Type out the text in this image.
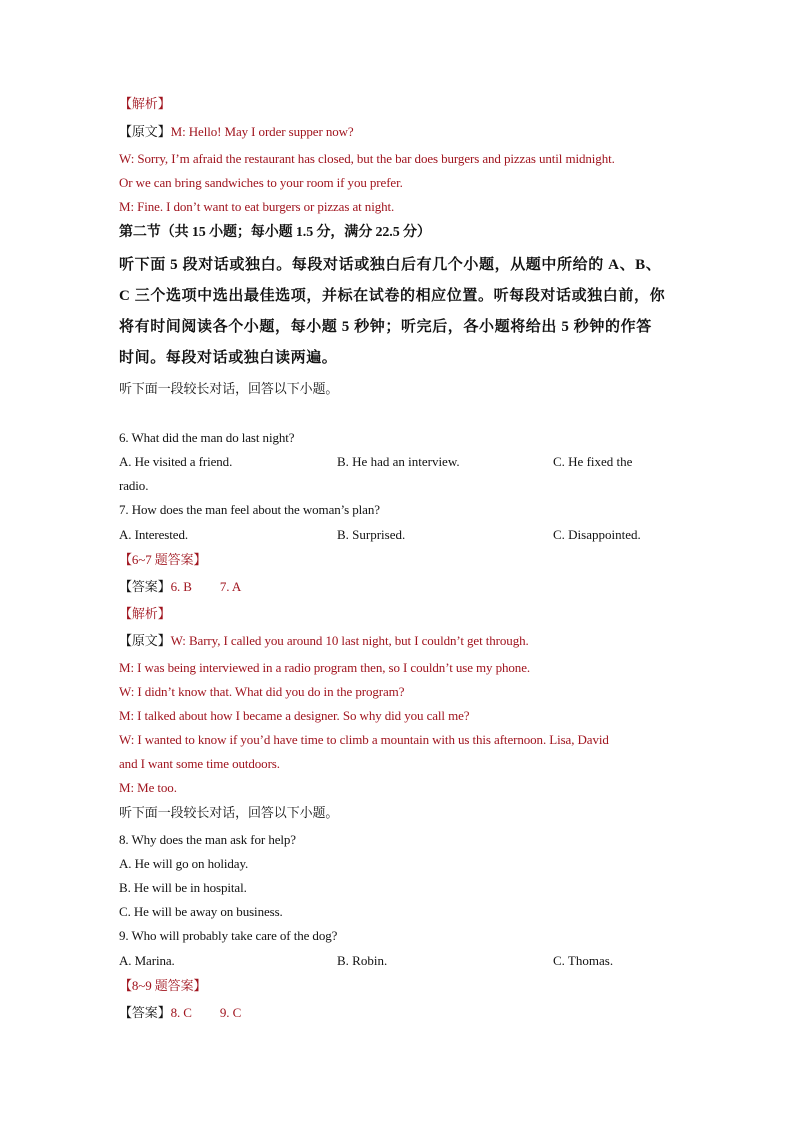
【解析】
【原文】M: Hello! May I order supper now?
W: Sorry, I’m afraid the restaurant has closed, but the bar does burgers and pizzas until midnight.
Or we can bring sandwiches to your room if you prefer.
M: Fine. I don’t want to eat burgers or pizzas at night.
第二节（共 15 小题；每小题 1.5 分，满分 22.5 分）
听下面 5 段对话或独白。每段对话或独白后有几个小题，从题中所给的 A、B、
C 三个选项中选出最佳选项，并标在试卷的相应位置。听每段对话或独白前，你
将有时间阅读各个小题，每小题 5 秒钟；听完后，各小题将给出 5 秒钟的作答
时间。每段对话或独白读两遍。
听下面一段较长对话，回答以下小题。
6. What did the man do last night?
A. He visited a friend.	B. He had an interview.	C. He fixed the
radio.
7. How does the man feel about the woman’s plan?
A. Interested.	B. Surprised.	C. Disappointed.
【6~7 题答案】
【答案】6. B 7. A
【解析】
【原文】W: Barry, I called you around 10 last night, but I couldn’t get through.
M: I was being interviewed in a radio program then, so I couldn’t use my phone.
W: I didn’t know that. What did you do in the program?
M: I talked about how I became a designer. So why did you call me?
W: I wanted to know if you’d have time to climb a mountain with us this afternoon. Lisa, David
and I want some time outdoors.
M: Me too.
听下面一段较长对话，回答以下小题。
8. Why does the man ask for help?
A. He will go on holiday.
B. He will be in hospital.
C. He will be away on business.
9. Who will probably take care of the dog?
A. Marina.	B. Robin.	C. Thomas.
【8~9 题答案】
【答案】8. C 9. C
